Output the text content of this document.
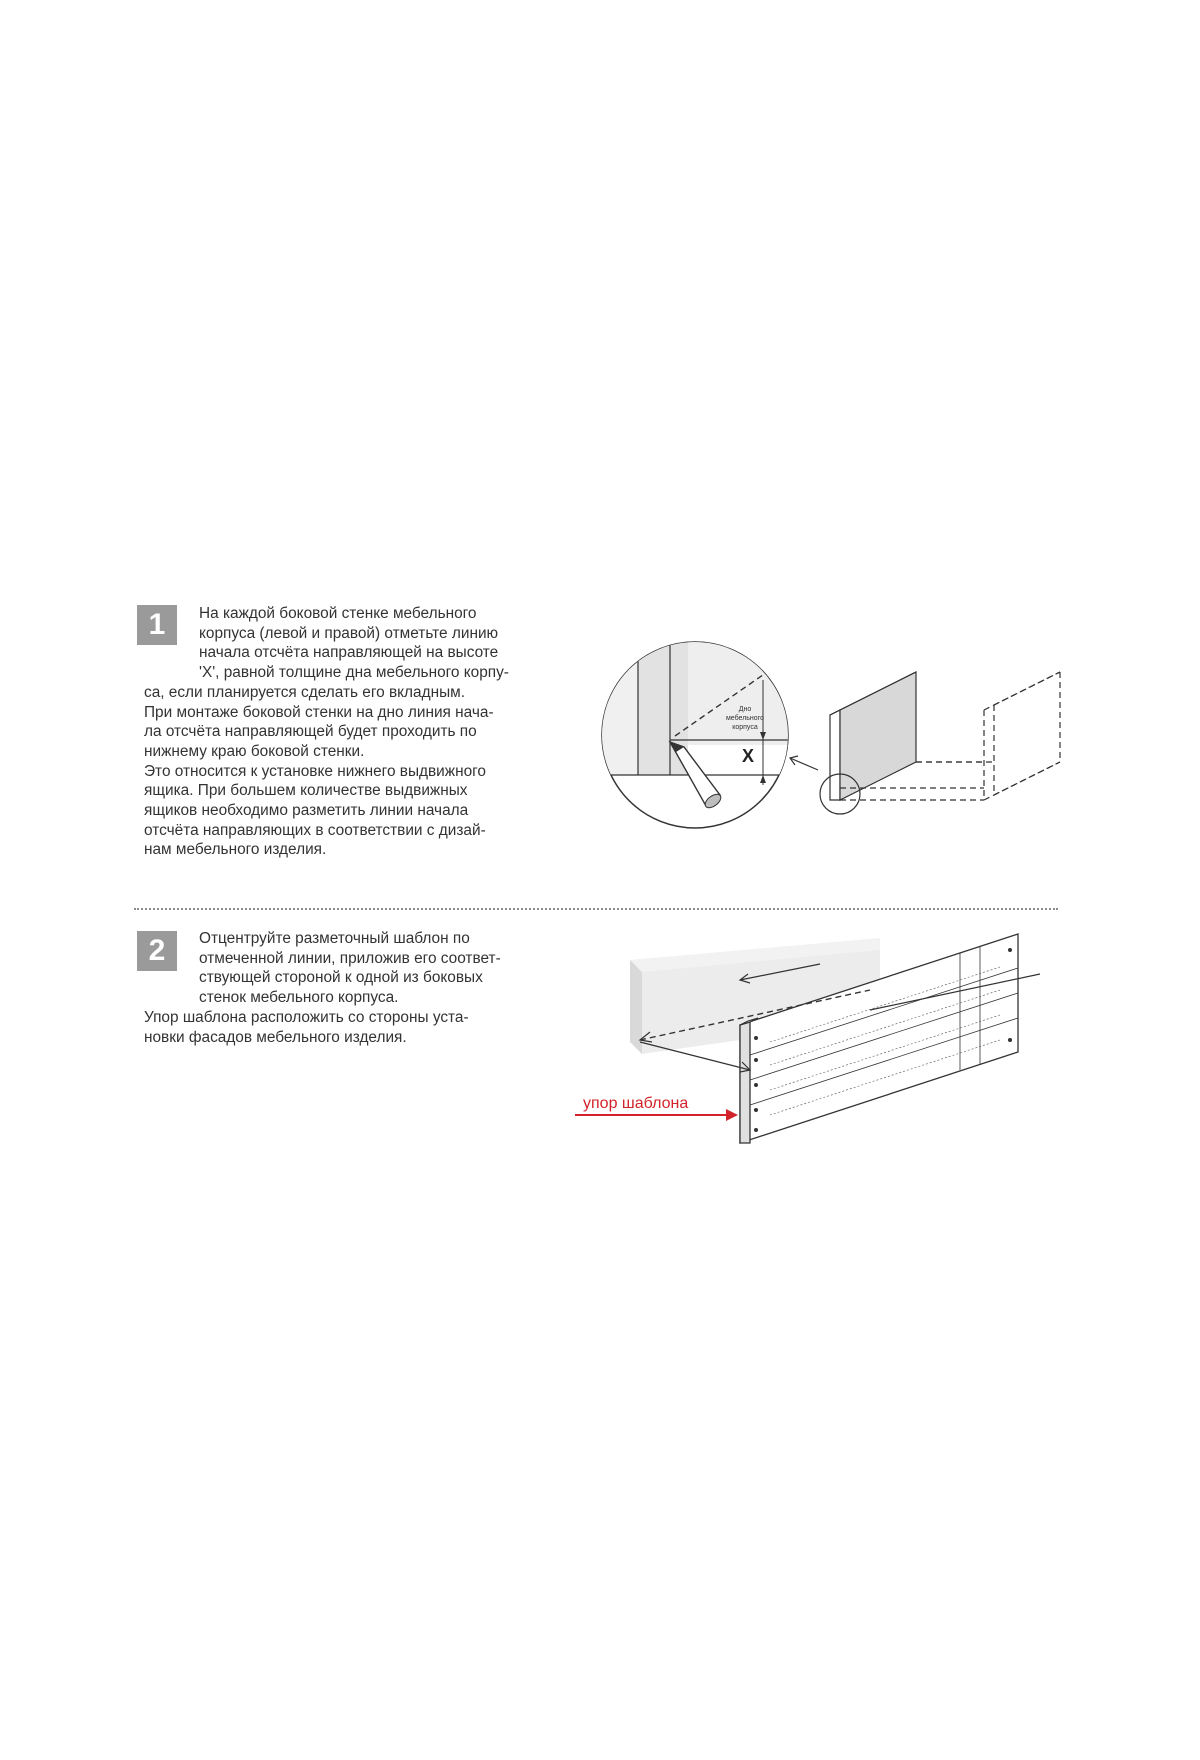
1	На каждой боковой стенке мебельного

корпуса (левой и правой) отметьте линию

начала отсчёта направляющей на высоте

'X', равной толщине дна мебельного корпу-

са, если планируется сделать его вкладным.

При монтаже боковой стенки на дно линия нача-

ла отсчёта направляющей будет проходить по

нижнему краю боковой стенки.

Это относится к установке нижнего выдвижного

ящика. При большем количестве выдвижных

ящиков необходимо разметить линии начала

отсчёта направляющих в соответствии с дизай-

нам мебельного изделия.

Дно
мебельного
корпуса
X
2	Отцентруйте разметочный шаблон по

отмеченной линии, приложив его соответ-

ствующей стороной к одной из боковых

стенок мебельного корпуса.

Упор шаблона расположить со стороны уста-

новки фасадов мебельного изделия.

упор шаблона
